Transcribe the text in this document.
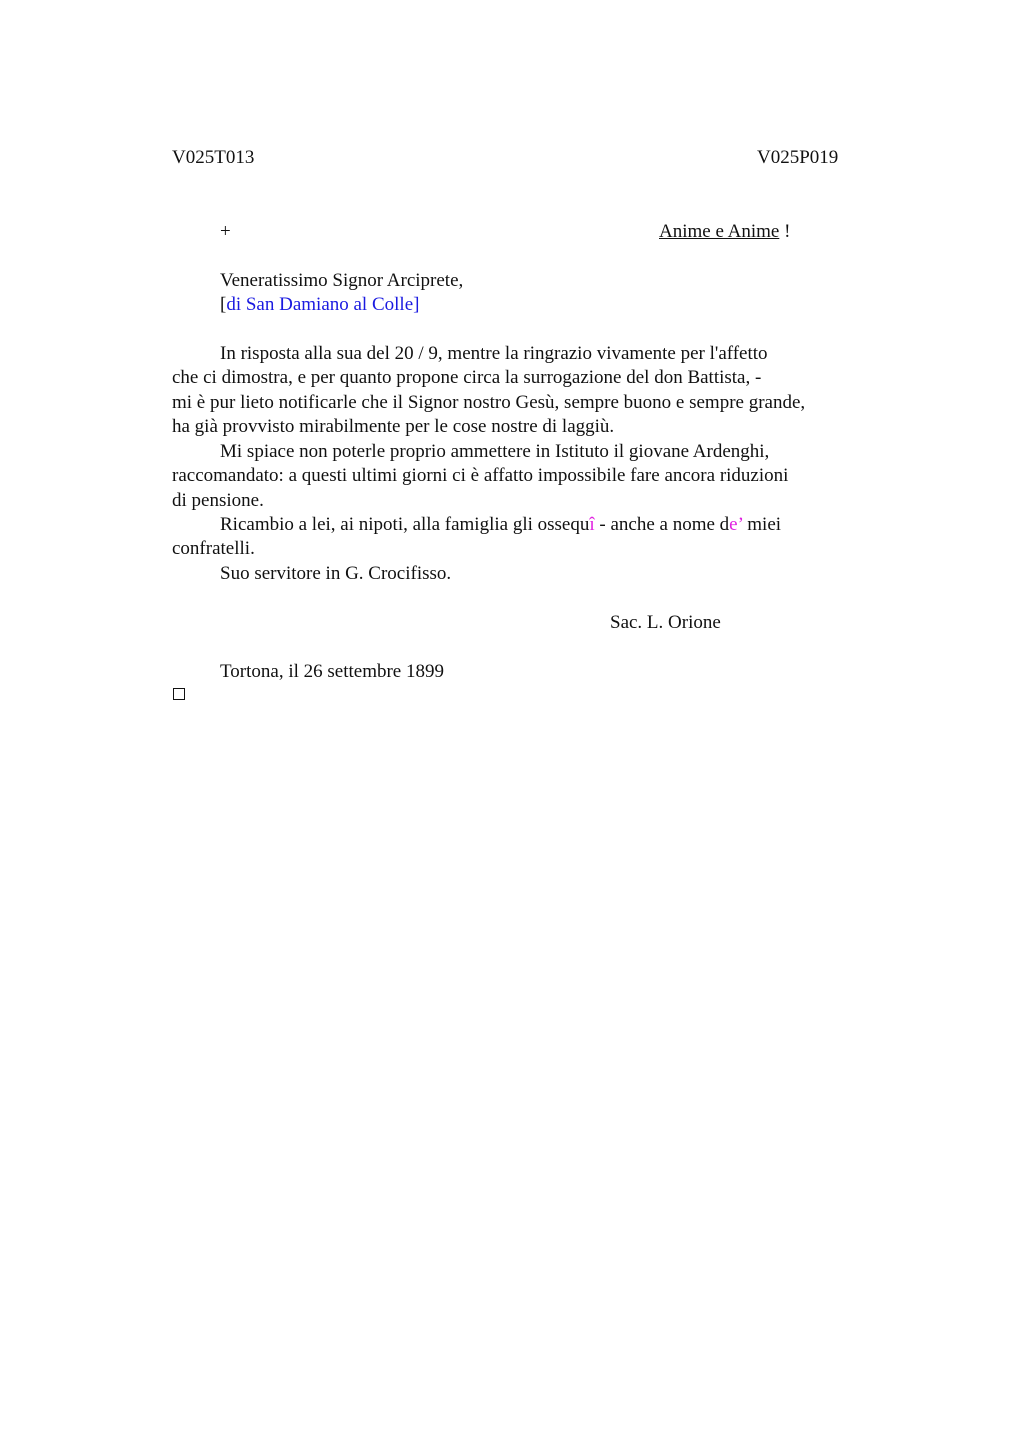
V025T013	V025P019
+	Anime e Anime !
Veneratissimo Signor Arciprete,
[di San Damiano al Colle]
In risposta alla sua del 20 / 9, mentre la ringrazio vivamente per l'affetto
che ci dimostra, e per quanto propone circa la surrogazione del don Battista, -
mi è pur lieto notificarle che il Signor nostro Gesù, sempre buono e sempre grande,
ha già provvisto mirabilmente per le cose nostre di laggiù.
Mi spiace non poterle proprio ammettere in Istituto il giovane Ardenghi,
raccomandato: a questi ultimi giorni ci è affatto impossibile fare ancora riduzioni
di pensione.
Ricambio a lei, ai nipoti, alla famiglia gli ossequî - anche a nome de’ miei
confratelli.
Suo servitore in G. Crocifisso.
Sac. L. Orione
Tortona, il 26 settembre 1899
